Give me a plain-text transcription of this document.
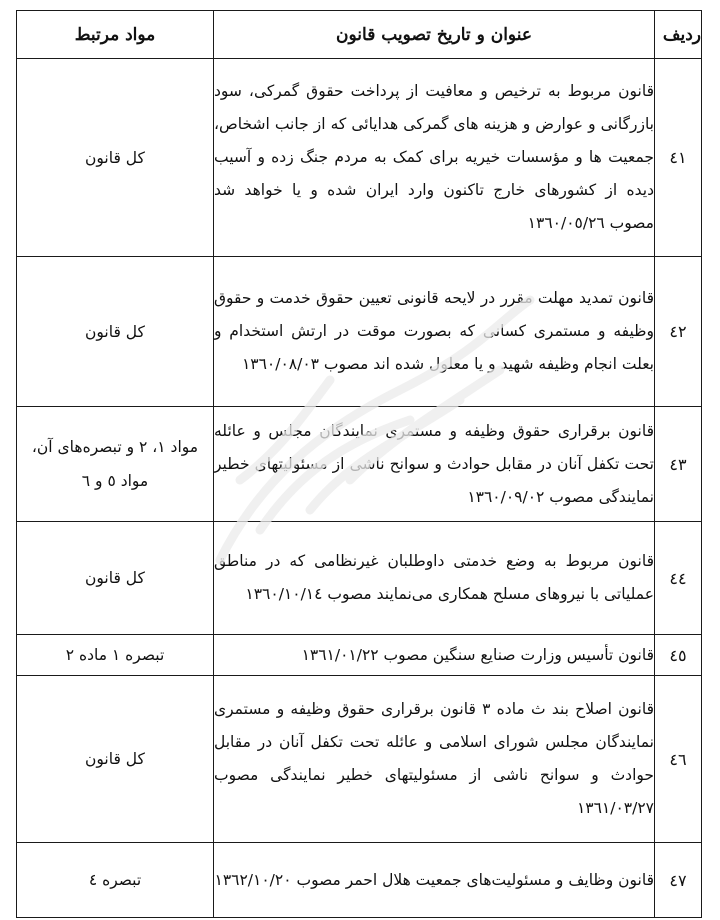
ردیف	عنوان و تاریخ تصویب قانون	مواد مرتبط
٤١	قانون مربوط به ترخیص و معافیت از پرداخت حقوق گمرکی، سود بازرگانی و عوارض و هزینه های گمرکی هدایائی که از جانب اشخاص، جمعیت ها و مؤسسات خیریه برای کمک به مردم جنگ زده و آسیب دیده از کشورهای خارج تاکنون وارد ایران شده و یا خواهد شد مصوب ١٣٦٠/٠٥/٢٦	کل قانون
٤٢	قانون تمدید مهلت مقرر در لایحه قانونی تعیین حقوق خدمت و حقوق وظیفه و مستمری کسانی که بصورت موقت در ارتش استخدام و بعلت انجام وظیفه شهید و یا معلول شده اند مصوب ١٣٦٠/٠٨/٠٣	کل قانون
٤٣	قانون برقراری حقوق وظیفه و مستمری نمایندگان مجلس و عائله تحت تکفل آنان در مقابل حوادث و سوانح ناشی از مسئولیتهای خطیر نمایندگی مصوب ١٣٦٠/٠٩/٠٢	مواد ١، ٢ و تبصره‌های آن، مواد ٥ و ٦
٤٤	قانون مربوط به وضع خدمتی داوطلبان غیرنظامی که در مناطق عملیاتی با نیروهای مسلح همکاری می‌نمایند مصوب ١٣٦٠/١٠/١٤	کل قانون
٤٥	قانون تأسیس وزارت صنایع سنگین مصوب ١٣٦١/٠١/٢٢	تبصره ١ ماده ٢
٤٦	قانون اصلاح بند ث ماده ٣ قانون برقراری حقوق وظیفه و مستمری نمایندگان مجلس شورای اسلامی و عائله تحت تکفل آنان در مقابل حوادث و سوانح ناشی از مسئولیتهای خطیر نمایندگی مصوب ١٣٦١/٠٣/٢٧	کل قانون
٤٧	قانون وظایف و مسئولیت‌های جمعیت هلال احمر مصوب ١٣٦٢/١٠/٢٠	تبصره ٤
